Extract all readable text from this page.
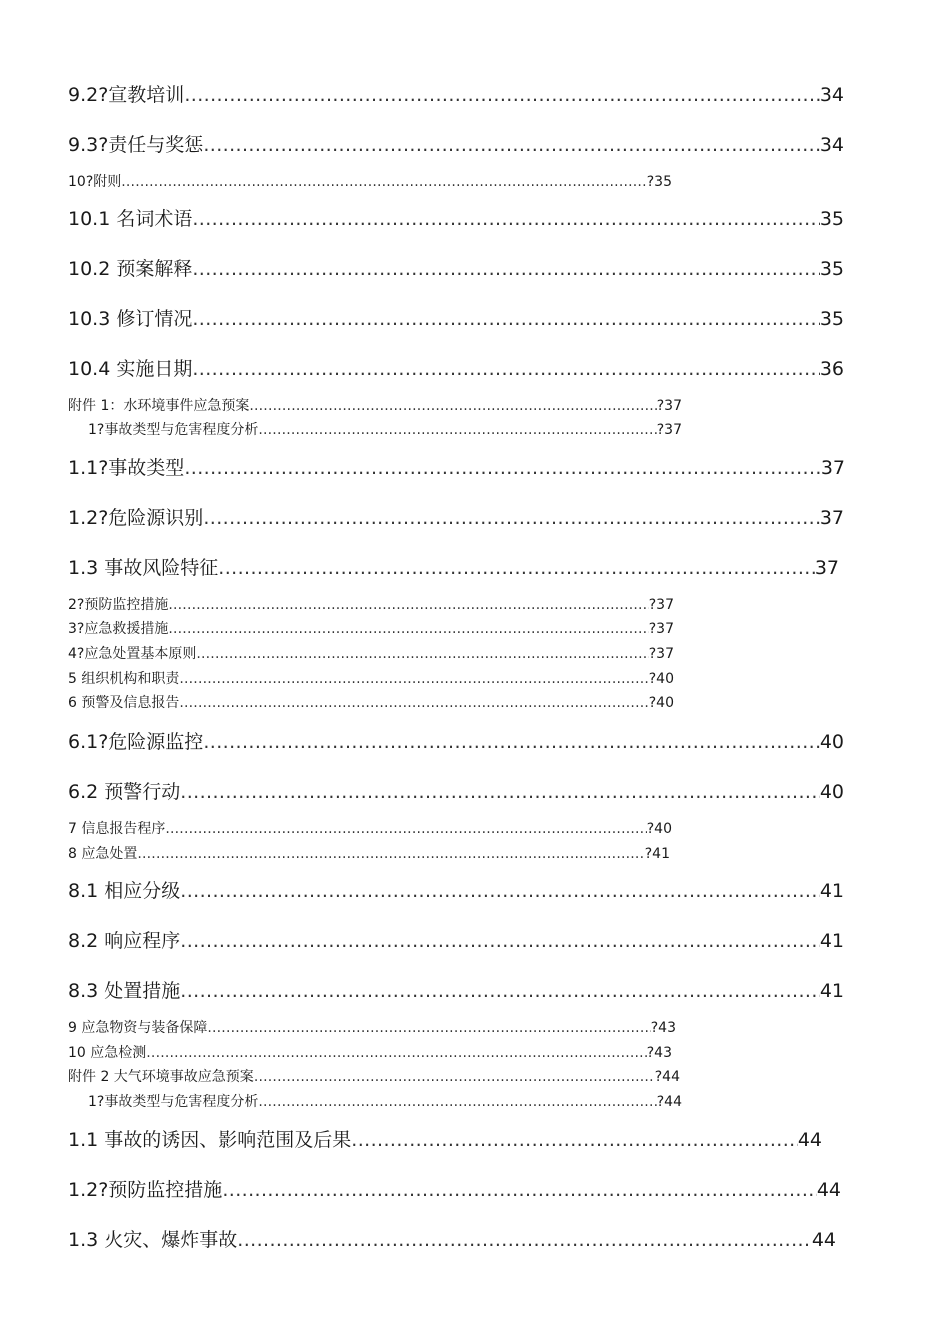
9.2?宣教培训 .....	34
9.3?责任与奖惩 .....	34
10?附则 .....	?35
10.1 名词术语 .....	35
10.2 预案解释 .....	35
10.3 修订情况 .....	35
10.4 实施日期 .....	36
附件 1：水环境事件应急预案 .....	?37
1?事故类型与危害程度分析 .....	?37
1.1?事故类型 .....	37
1.2?危险源识别 .....	37
1.3 事故风险特征 .....	37
2?预防监控措施 .....	?37
3?应急救援措施 .....	?37
4?应急处置基本原则 .....	?37
5 组织机构和职责 .....	?40
6 预警及信息报告 .....	?40
6.1?危险源监控 .....	40
6.2 预警行动 .....	40
7 信息报告程序 .....	?40
8 应急处置 .....	?41
8.1 相应分级 .....	41
8.2 响应程序 .....	41
8.3 处置措施 .....	41
9 应急物资与装备保障 .....	?43
10 应急检测 .....	?43
附件 2 大气环境事故应急预案 .....	?44
1?事故类型与危害程度分析 .....	?44
1.1 事故的诱因、影响范围及后果 .....	44
1.2?预防监控措施 .....	44
1.3 火灾、爆炸事故 .....	44
